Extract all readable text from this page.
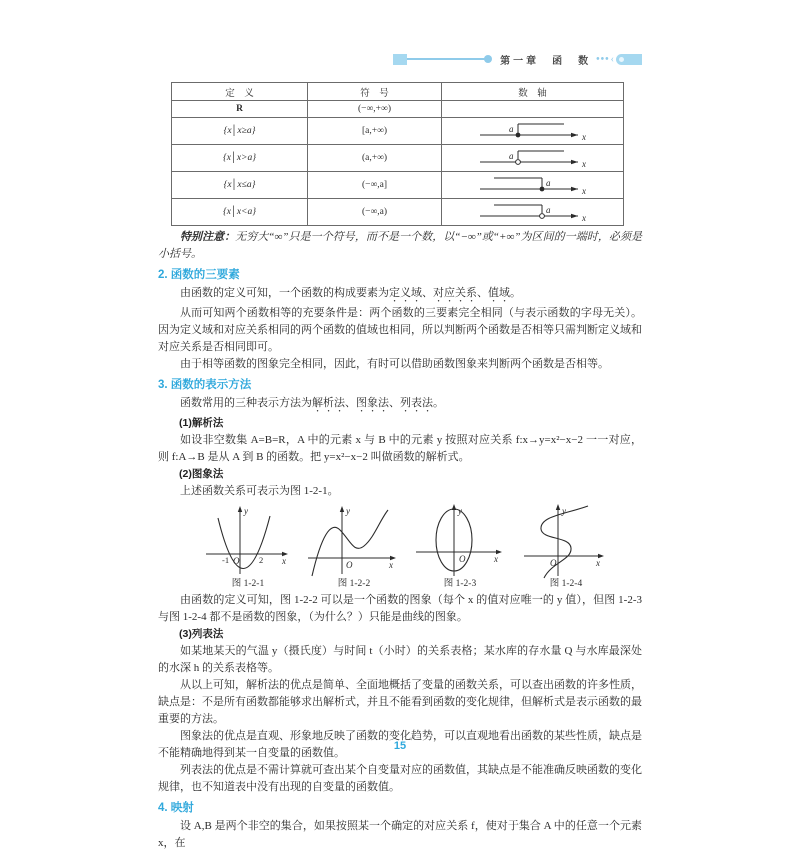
第一章　函　数 ••• ‹
定　义	符　号	数　轴
R	(−∞,+∞)	
{x│x≥a}	[a,+∞)	a
x

{x│x>a}	(a,+∞)	a
x

{x│x≤a}	(−∞,a]	a
x

{x│x<a}	(−∞,a)	a
x

特别注意：无穷大“∞”只是一个符号，而不是一个数，以“−∞”或“+∞”为区间的一端时，必须是小括号。

2. 函数的三要素

由函数的定义可知，一个函数的构成要素为定义域、对应关系、值域。

从而可知两个函数相等的充要条件是：两个函数的三要素完全相同（与表示函数的字母无关）。因为定义域和对应关系相同的两个函数的值域也相同，所以判断两个函数是否相等只需判断定义域和对应关系是否相同即可。

由于相等函数的图象完全相同，因此，有时可以借助函数图象来判断两个函数是否相等。

3. 函数的表示方法

函数常用的三种表示方法为解析法、图象法、列表法。

(1)解析法

如设非空数集 A=B=R，A 中的元素 x 与 B 中的元素 y 按照对应关系 f:x→y=x²−x−2 一一对应，则 f:A→B 是从 A 到 B 的函数。把 y=x²−x−2 叫做函数的解析式。

(2)图象法

上述函数关系可表示为图 1-2-1。

-1 O 2 x
y
图 1-2-1
O	x
y
图 1-2-2
O	x
y
图 1-2-3
O	x
y
图 1-2-4

由函数的定义可知，图 1-2-2 可以是一个函数的图象（每个 x 的值对应唯一的 y 值），但图 1-2-3 与图 1-2-4 都不是函数的图象，（为什么？）只能是曲线的图象。

(3)列表法

如某地某天的气温 y（摄氏度）与时间 t（小时）的关系表格；某水库的存水量 Q 与水库最深处的水深 h 的关系表格等。

从以上可知，解析法的优点是简单、全面地概括了变量的函数关系，可以查出函数的许多性质，缺点是：不是所有函数都能够求出解析式，并且不能看到函数的变化规律，但解析式是表示函数的最重要的方法。

图象法的优点是直观、形象地反映了函数的变化趋势，可以直观地看出函数的某些性质，缺点是不能精确地得到某一自变量的函数值。

列表法的优点是不需计算就可查出某个自变量对应的函数值，其缺点是不能准确反映函数的变化规律，也不知道表中没有出现的自变量的函数值。

4. 映射

设 A,B 是两个非空的集合，如果按照某一个确定的对应关系 f，使对于集合 A 中的任意一个元素 x，在

15
